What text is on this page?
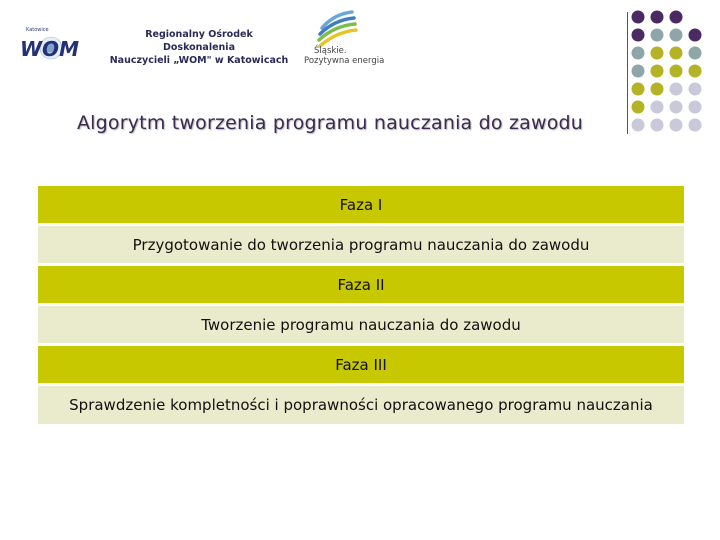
Katowice
WOM
Regionalny Ośrodek Doskonalenia
Nauczycieli „WOM" w Katowicach
Śląskie.
Pozytywna energia
Algorytm tworzenia programu nauczania do zawodu
Faza I
Przygotowanie do tworzenia programu nauczania do zawodu
Faza II
Tworzenie programu nauczania do zawodu
Faza III
Sprawdzenie kompletności i poprawności opracowanego programu nauczania
